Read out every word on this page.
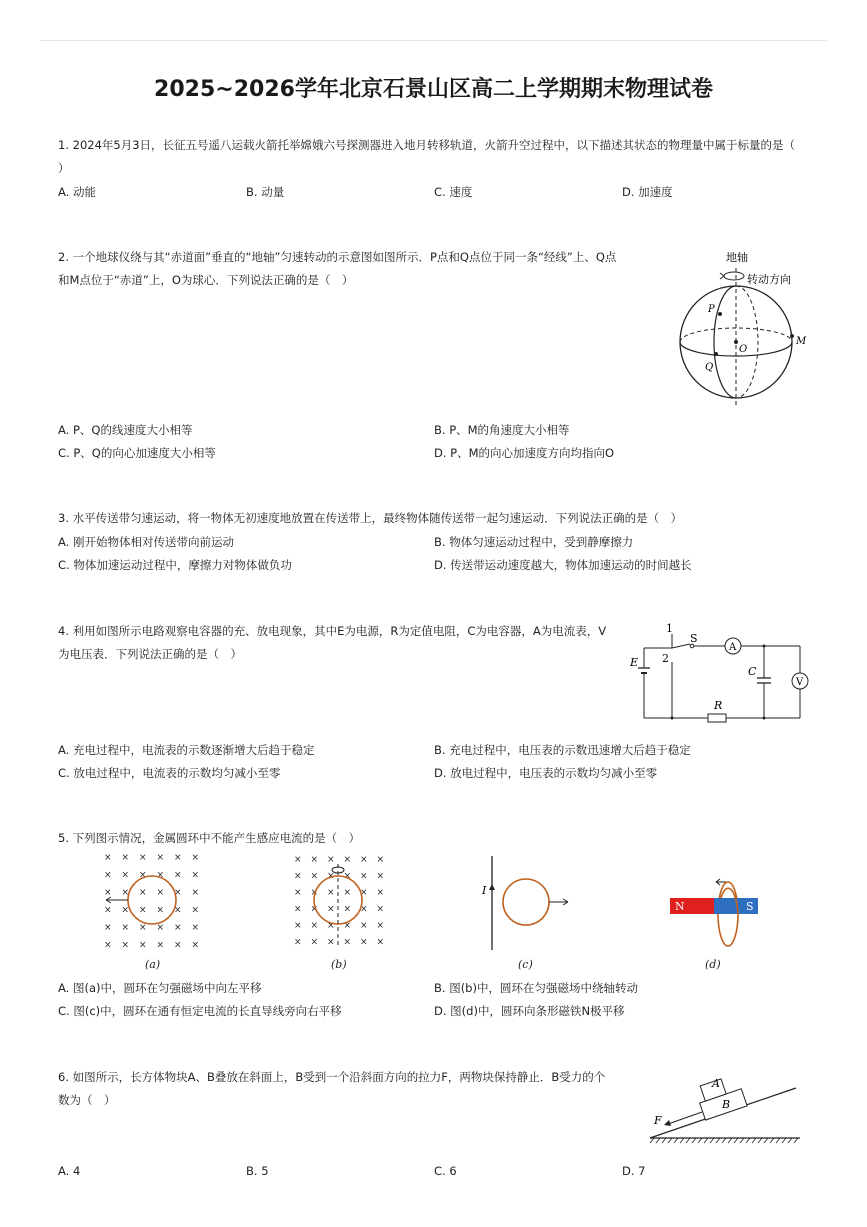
2025~2026学年北京石景山区高二上学期期末物理试卷
1. 2024年5月3日，长征五号遥八运载火箭托举嫦娥六号探测器进入地月转移轨道，火箭升空过程中，以下描述其状态的物理量中属于标量的是（
）
A. 动能	B. 动量	C. 速度	D. 加速度
2. 一个地球仪绕与其“赤道面”垂直的“地轴”匀速转动的示意图如图所示．P点和Q点位于同一条“经线”上、Q点
和M点位于“赤道”上，O为球心．下列说法正确的是（　）
地轴
转动方向
P
O
M
Q
A. P、Q的线速度大小相等	B. P、M的角速度大小相等
C. P、Q的向心加速度大小相等	D. P、M的向心加速度方向均指向O
3. 水平传送带匀速运动，将一物体无初速度地放置在传送带上，最终物体随传送带一起匀速运动．下列说法正确的是（　）
A. 刚开始物体相对传送带向前运动	B. 物体匀速运动过程中，受到静摩擦力
C. 物体加速运动过程中，摩擦力对物体做负功	D. 传送带运动速度越大，物体加速运动的时间越长
4. 利用如图所示电路观察电容器的充、放电现象，其中E为电源，R为定值电阻，C为电容器，A为电流表，V
为电压表．下列说法正确的是（　）
1
2
S
A
V
E
R
C
A. 充电过程中，电流表的示数逐渐增大后趋于稳定	B. 充电过程中，电压表的示数迅速增大后趋于稳定
C. 放电过程中，电流表的示数均匀减小至零	D. 放电过程中，电压表的示数均匀减小至零
5. 下列图示情况，金属圆环中不能产生感应电流的是（　）
× × × × × ×
× × × × × ×
× × × × × ×
× × × × × ×
× × × × × ×
× × × × × ×
(a)
× × × × × ×
× × × × × ×
× × × × × ×
× × × × × ×
× × × × × ×
× × × × × ×
(b)
I
(c)
N	S
(d)
A. 图(a)中，圆环在匀强磁场中向左平移	B. 图(b)中，圆环在匀强磁场中绕轴转动
C. 图(c)中，圆环在通有恒定电流的长直导线旁向右平移	D. 图(d)中，圆环向条形磁铁N极平移
6. 如图所示，长方体物块A、B叠放在斜面上，B受到一个沿斜面方向的拉力F，两物块保持静止．B受力的个
数为（　）	B
A
F
A. 4	B. 5	C. 6	D. 7
